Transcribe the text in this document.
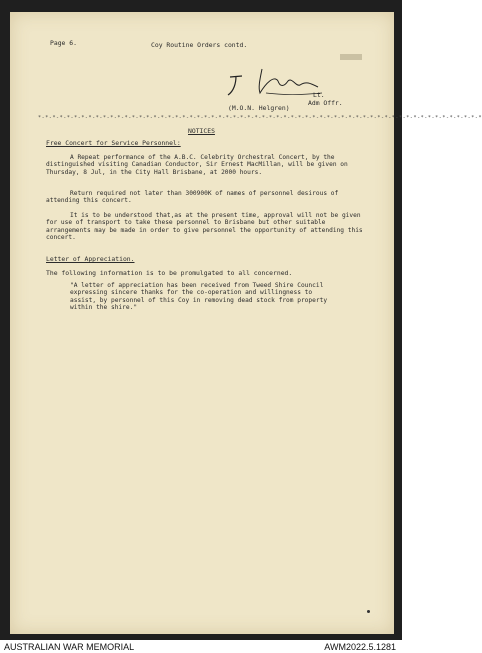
Page 6.	Coy Routine Orders contd.
Lt.
Adm Offr.
(M.O.N. Helgren)
*-*-*-*-*-*-*-*-*-*-*-*-*-*-*-*-*-*-*-*-*-*-*-*-*-*-*-*-*-*-*-*-*-*-*-*-*-*-*-*-*-*-*-*-*-*-*-*-*-*-*-*-*-*-*-*-*-*-*-*-*-*
NOTICES
Free Concert for Service Personnel:
A Repeat performance of the A.B.C. Celebrity Orchestral Concert, by the distinguished visiting Canadian Conductor, Sir Ernest MacMillan, will be given on Thursday, 8 Jul, in the City Hall Brisbane, at 2000 hours.
Return required not later than 300900K of names of personnel desirous of attending this concert.
It is to be understood that,as at the present time, approval will not be given for use of transport to take these personnel to Brisbane but other suitable arrangements may be made in order to give personnel the opportunity of attending this concert.
Letter of Appreciation.
The following information is to be promulgated to all concerned.
"A letter of appreciation has been received from Tweed Shire Council expressing sincere thanks for the co-operation and willingness to assist, by personnel of this Coy in removing dead stock from property within the shire."
AUSTRALIAN WAR MEMORIAL	AWM2022.5.1281
